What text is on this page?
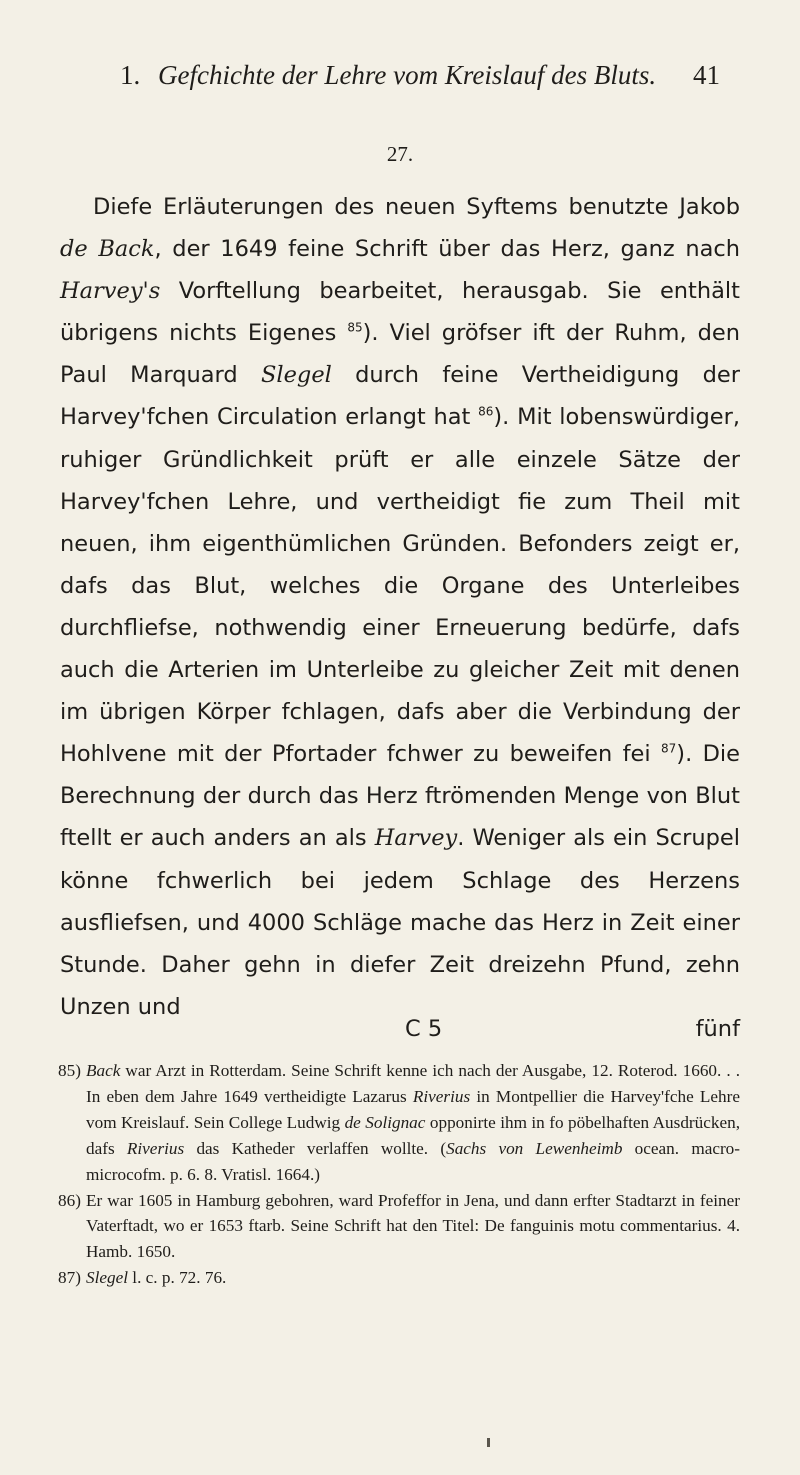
1. Gefchichte der Lehre vom Kreislauf des Bluts. 41
27.

Diefe Erläuterungen des neuen Syftems benutzte Jakob de Back, der 1649 feine Schrift über das Herz, ganz nach Harvey's Vorftellung bearbeitet, herausgab. Sie enthält übrigens nichts Eigenes $^{85}$). Viel gröfser ift der Ruhm, den Paul Marquard Slegel durch feine Vertheidigung der Harvey'fchen Circulation erlangt hat $^{86}$). Mit lobenswürdiger, ruhiger Gründlichkeit prüft er alle einzele Sätze der Harvey'fchen Lehre, und vertheidigt fie zum Theil mit neuen, ihm eigenthümlichen Gründen. Befonders zeigt er, dafs das Blut, welches die Organe des Unterleibes durchfliefse, nothwendig einer Erneuerung bedürfe, dafs auch die Arterien im Unterleibe zu gleicher Zeit mit denen im übrigen Körper fchlagen, dafs aber die Verbindung der Hohlvene mit der Pfortader fchwer zu beweifen fei $^{87}$). Die Berechnung der durch das Herz ftrömenden Menge von Blut ftellt er auch anders an als Harvey. Weniger als ein Scrupel könne fchwerlich bei jedem Schlage des Herzens ausfliefsen, und 4000 Schläge mache das Herz in Zeit einer Stunde. Daher gehn in diefer Zeit dreizehn Pfund, zehn Unzen und

C 5	fünf

85) Back war Arzt in Rotterdam. Seine Schrift kenne ich nach der Ausgabe, 12. Roterod. 1660. . . In eben dem Jahre 1649 vertheidigte Lazarus Riverius in Montpellier die Harvey'fche Lehre vom Kreislauf. Sein College Ludwig de Solignac opponirte ihm in fo pöbelhaften Ausdrücken, dafs Riverius das Katheder verlaffen wollte. (Sachs von Lewenheimb ocean. macro-microcofm. p. 6. 8. Vratisl. 1664.)

86) Er war 1605 in Hamburg gebohren, ward Profeffor in Jena, und dann erfter Stadtarzt in feiner Vaterftadt, wo er 1653 ftarb. Seine Schrift hat den Titel: De fanguinis motu commentarius. 4. Hamb. 1650.

87) Slegel l. c. p. 72. 76.
